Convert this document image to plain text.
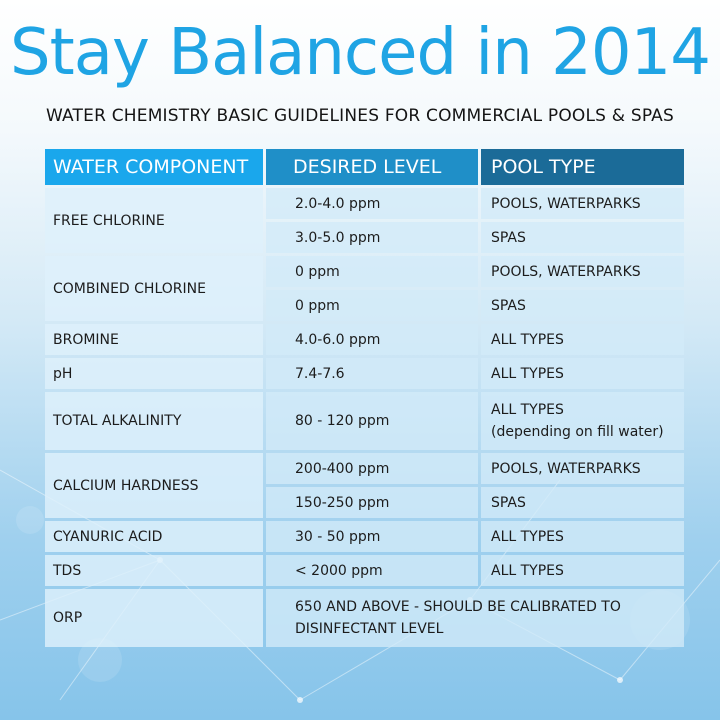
Stay Balanced in 2014
WATER CHEMISTRY BASIC GUIDELINES FOR COMMERCIAL POOLS & SPAS
WATER COMPONENT	DESIRED LEVEL	POOL TYPE
FREE CHLORINE	2.0-4.0 ppm	POOLS, WATERPARKS
	3.0-5.0 ppm	SPAS
COMBINED CHLORINE	0 ppm	POOLS, WATERPARKS
	0 ppm	SPAS
BROMINE	4.0-6.0 ppm	ALL TYPES
pH	7.4-7.6	ALL TYPES
TOTAL ALKALINITY	80 - 120 ppm	ALL TYPES
(depending on fill water)

CALCIUM HARDNESS	200-400 ppm	POOLS, WATERPARKS
	150-250 ppm	SPAS
CYANURIC ACID	30 - 50 ppm	ALL TYPES
TDS	< 2000 ppm	ALL TYPES
ORP	650 AND ABOVE - SHOULD BE CALIBRATED TO
DISINFECTANT LEVEL	
